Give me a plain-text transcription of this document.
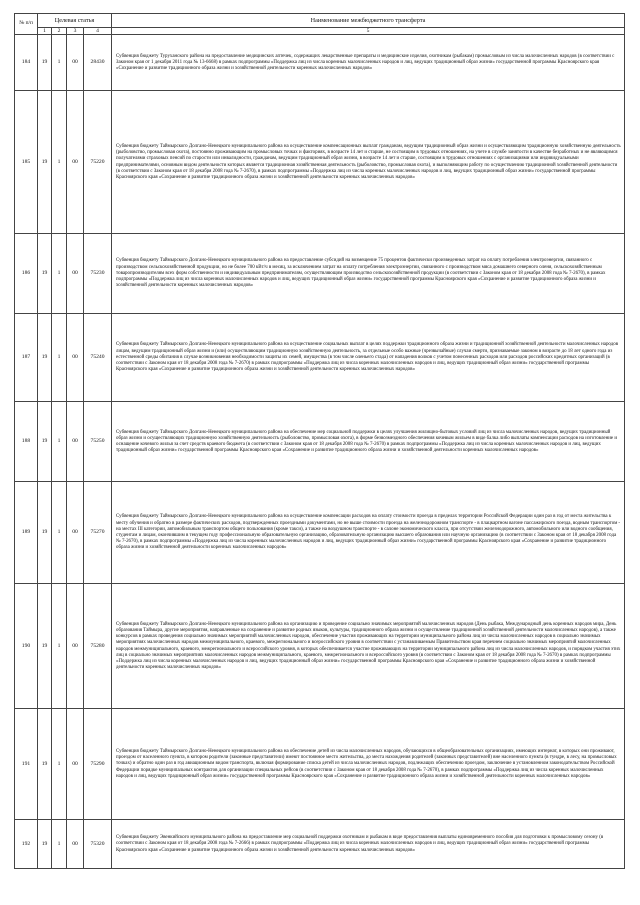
№ п/п	Целевая статья				Наименование межбюджетного трансферта
	1	2	3	4	5
184	19	1	00	28430	Субвенция бюджету Туруханского района на предоставление медицинских аптечек, содержащих лекарственные препараты и медицинские изделия, охотникам (рыбакам) промысловым из числа малочисленных народов (в соответствии с Законом края от 1 декабря 2011 года № 13-6668) в рамках подпрограммы «Поддержка лиц из числа коренных малочисленных народов и лиц, ведущих традиционный образ жизни» государственной программы Красноярского края «Сохранение и развитие традиционного образа жизни и хозяйственной деятельности коренных малочисленных народов»

185	19	1	00	75220	Субвенция бюджету Таймырского Долгано-Ненецкого муниципального района на осуществление компенсационных выплат гражданам, ведущим традиционный образ жизни и осуществляющим традиционную хозяйственную деятельность (рыболовство, промысловая охота), постоянно проживающим на промысловых точках и факториях, в возрасте 14 лет и старше, не состоящим в трудовых отношениях, на учете в службе занятости в качестве безработных и не являющимся получателями страховых пенсий по старости или инвалидности, гражданам, ведущим традиционный образ жизни, в возрасте 14 лет и старше, состоящим в трудовых отношениях с организациями или индивидуальными предпринимателями, основным видом деятельности которых является традиционная хозяйственная деятельность (рыболовство, промысловая охота), и выполняющим работу по осуществлению традиционной хозяйственной деятельности (в соответствии с Законом края от 18 декабря 2008 года № 7-2670), в рамках подпрограммы «Поддержка лиц из числа коренных малочисленных народов и лиц, ведущих традиционный образ жизни» государственной программы Красноярского края «Сохранение и развитие традиционного образа жизни и хозяйственной деятельности коренных малочисленных народов»

186	19	1	00	75230	Субвенция бюджету Таймырского Долгано-Ненецкого муниципального района на предоставление субсидий на возмещение 75 процентов фактически произведенных затрат на оплату потребления электроэнергии, связанного с производством сельскохозяйственной продукции, но не более 700 кВт/ч в месяц, за исключением затрат на оплату потребления электроэнергии, связанного с производством мяса домашнего северного оленя, сельскохозяйственным товаропроизводителям всех форм собственности и индивидуальным предпринимателям, осуществляющим производство сельскохозяйственной продукции (в соответствии с Законом края от 18 декабря 2008 года № 7-2670), в рамках подпрограммы «Поддержка лиц из числа коренных малочисленных народов и лиц, ведущих традиционный образ жизни» государственной программы Красноярского края «Сохранение и развитие традиционного образа жизни и хозяйственной деятельности коренных малочисленных народов»

187	19	1	00	75240	Субвенция бюджету Таймырского Долгано-Ненецкого муниципального района на осуществление социальных выплат в целях поддержки традиционного образа жизни и традиционной хозяйственной деятельности малочисленных народов лицам, ведущим традиционный образ жизни и (или) осуществляющим традиционную хозяйственную деятельность, за отдельные особо важные (чрезвычайные) случаи смерти, признаваемые законом в возрасте до 18 лет одного года из естественной среды обитания в случае возникновения необходимости защиты их семей, имущества (в том числе оленьего стада) от нападения волков с учетом понесенных расходов или расходов российских кредитных организаций (в соответствии с Законом края от 18 декабря 2008 года № 7-2670) в рамках подпрограммы «Поддержка лиц из числа коренных малочисленных народов и лиц, ведущих традиционный образ жизни» государственной программы Красноярского края «Сохранение и развитие традиционного образа жизни и хозяйственной деятельности коренных малочисленных народов»

188	19	1	00	75250	Субвенция бюджету Таймырского Долгано-Ненецкого муниципального района на обеспечение мер социальной поддержки в целях улучшения жилищно-бытовых условий лиц из числа малочисленных народов, ведущих традиционный образ жизни и осуществляющих традиционную хозяйственную деятельность (рыболовство, промысловая охота), в форме безвозмездного обеспечения кочевым жильем в виде балка либо выплаты компенсации расходов на изготовление и оснащение кочевого жилья за счет средств краевого бюджета (в соответствии с Законом края от 18 декабря 2008 года № 7-2670) в рамках подпрограммы «Поддержка лиц из числа коренных малочисленных народов и лиц, ведущих традиционный образ жизни» государственной программы Красноярского края «Сохранение и развитие традиционного образа жизни и хозяйственной деятельности коренных малочисленных народов»

189	19	1	00	75270	Субвенция бюджету Таймырского Долгано-Ненецкого муниципального района на осуществление компенсации расходов на оплату стоимости проезда в пределах территории Российской Федерации один раз в год от места жительства к месту обучения и обратно в размере фактических расходов, подтвержденных проездными документами, но не выше стоимости проезда на железнодорожном транспорте - в плацкартном вагоне пассажирского поезда, водным транспортом - на местах III категории, автомобильным транспортом общего пользования (кроме такси), а также на воздушном транспорте - в салоне экономического класса, при отсутствии железнодорожного, автомобильного или водного сообщения, студентам и лицам, окончившим в текущем году профессиональную образовательную организацию, образовательную организацию высшего образования или научную организацию (в соответствии с Законом края от 18 декабря 2008 года № 7-2670), в рамках подпрограммы «Поддержка лиц из числа коренных малочисленных народов и лиц, ведущих традиционный образ жизни» государственной программы Красноярского края «Сохранение и развитие традиционного образа жизни и хозяйственной деятельности коренных малочисленных народов»

190	19	1	00	75280	Субвенция бюджету Таймырского Долгано-Ненецкого муниципального района на организацию и проведение социально значимых мероприятий малочисленных народов (День рыбака, Международный день коренных народов мира, День образования Таймыра, другие мероприятия, направленные на сохранение и развитие родных языков, культуры, традиционного образа жизни и осуществление традиционной хозяйственной деятельности малочисленных народов), а также конкурсов в рамках проведения социально значимых мероприятий малочисленных народов, обеспечение участия проживающих на территории муниципального района лиц из числа малочисленных народов в социально значимых мероприятиях малочисленных народов межмуниципального, краевого, межрегионального и всероссийского уровня в соответствии с устанавливаемым Правительством края перечнем социально значимых мероприятий малочисленных народов межмуниципального, краевого, межрегионального и всероссийского уровня, в которых обеспечивается участие проживающих на территории муниципального района лиц из числа малочисленных народов, и порядком участия этих лиц в социально значимых мероприятиях малочисленных народов межмуниципального, краевого, межрегионального и всероссийского уровня (в соответствии с Законом края от 18 декабря 2008 года № 7-2670) в рамках подпрограммы «Поддержка лиц из числа коренных малочисленных народов и лиц, ведущих традиционный образ жизни» государственной программы Красноярского края «Сохранение и развитие традиционного образа жизни и хозяйственной деятельности коренных малочисленных народов»

191	19	1	00	75290	Субвенция бюджету Таймырского Долгано-Ненецкого муниципального района на обеспечение детей из числа малочисленных народов, обучающихся в общеобразовательных организациях, имеющих интернат, в которых они проживают, проездом от населенного пункта, в котором родители (законные представители) имеют постоянное место жительства, до места нахождения родителей (законных представителей) вне населенного пункта (в тундре, в лесу, на промысловых точках) и обратно один раз в год авиационным видом транспорта, включая формирование списка детей из числа малочисленных народов, подлежащих обеспечению проездом, заключение в установленном законодательством Российской Федерации порядке муниципальных контрактов для организации специальных рейсов (в соответствии с Законом края от 18 декабря 2008 года № 7-2670), в рамках подпрограммы «Поддержка лиц из числа коренных малочисленных народов и лиц, ведущих традиционный образ жизни» государственной программы Красноярского края «Сохранение и развитие традиционного образа жизни и хозяйственной деятельности коренных малочисленных народов»

192	19	1	00	75320	Субвенция бюджету Эвенкийского муниципального района на предоставление мер социальной поддержки охотникам и рыбакам в виде предоставления выплаты единовременного пособия для подготовки к промысловому сезону (в соответствии с Законом края от 18 декабря 2008 года № 7-2666) в рамках подпрограммы «Поддержка лиц из числа коренных малочисленных народов и лиц, ведущих традиционный образ жизни» государственной программы Красноярского края «Сохранение и развитие традиционного образа жизни и хозяйственной деятельности коренных малочисленных народов»
